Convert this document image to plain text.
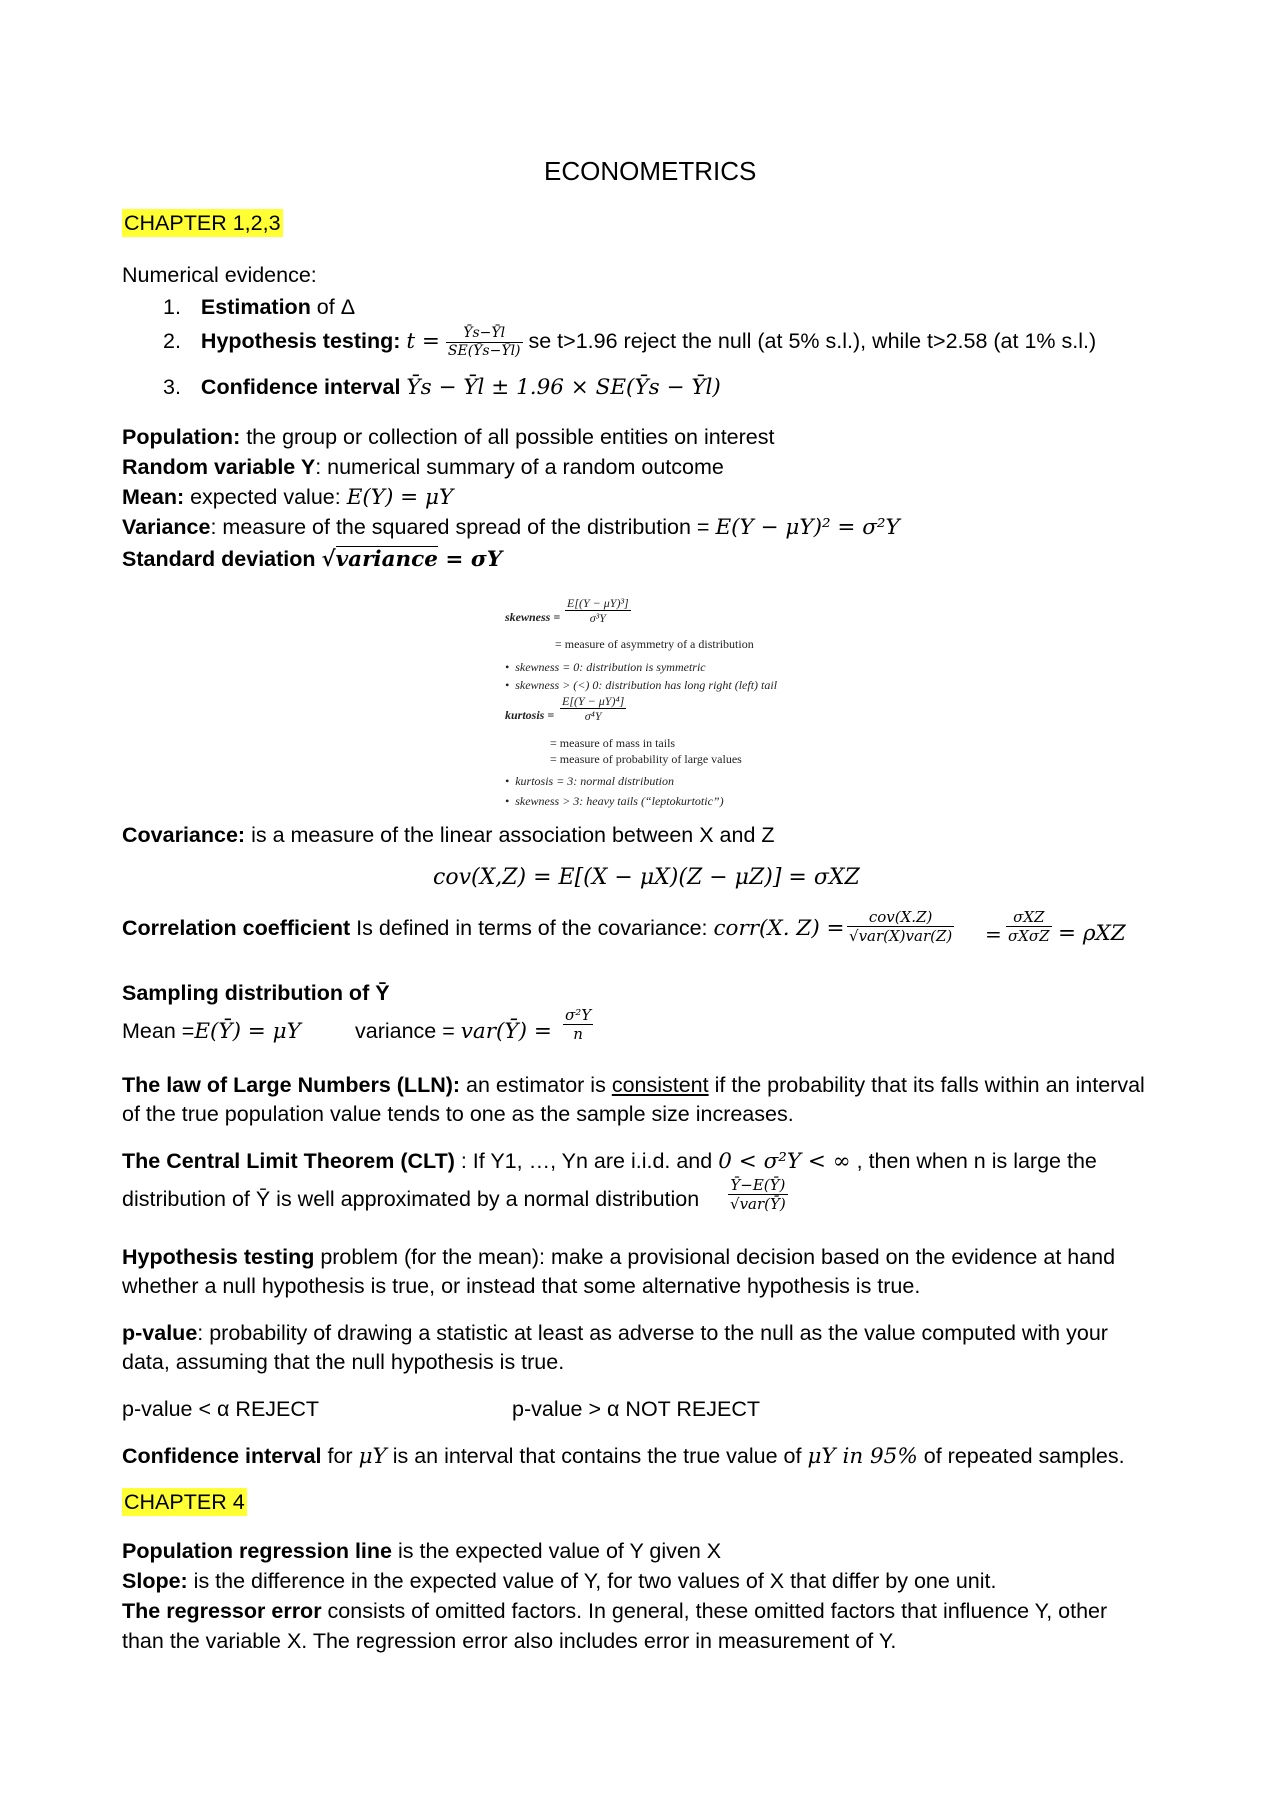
ECONOMETRICS
CHAPTER 1,2,3
Numerical evidence:
1. Estimation of Δ
2. Hypothesis testing: $t = \frac{Ȳs-Ȳl}{SE(Ȳs-Ȳl)}$ se t>1.96 reject the null (at 5% s.l.), while t>2.58 (at 1% s.l.)
3. Confidence interval Ȳs − Ȳl ± 1.96 × SE(Ȳs − Ȳl)
Population: the group or collection of all possible entities on interest
Random variable Y: numerical summary of a random outcome
Mean: expected value: E(Y) = μY
Variance: measure of the squared spread of the distribution = E(Y − μY)² = σ²Y
Standard deviation √variance = σY
skewness = $\frac{\text{E[(Y − μY)³]}}{\text{σ³Y}}$
= measure of asymmetry of a distribution
• skewness = 0: distribution is symmetric
• skewness > (<) 0: distribution has long right (left) tail
kurtosis = $\frac{\text{E[(Y − μY)⁴]}}{\text{σ⁴Y}}$
= measure of mass in tails
= measure of probability of large values
• kurtosis = 3: normal distribution
• skewness > 3: heavy tails (“leptokurtotic”)
Covariance: is a measure of the linear association between X and Z
cov(X,Z) = E[(X − μX)(Z − μZ)] = σXZ
Correlation coefficient Is defined in terms of the covariance: corr(X. $Z) = \frac{\text{cov(X.Z)}}{\text{√var(X)var(Z)}} = \frac{\text{σXZ}}{\text{σXσZ}} = \rho XZ$
Sampling distribution of Ȳ
Mean =E(Ȳ) = μY	variance = var(Ȳ) = $\frac{\text{σ²Y}}{n}$
The law of Large Numbers (LLN): an estimator is consistent if the probability that its falls within an interval
of the true population value tends to one as the sample size increases.
The Central Limit Theorem (CLT) : If Y1, …, Yn are i.i.d. and 0 < σ²Y < ∞ , then when n is large the
distribution of Ȳ is well approximated by a normal distribution $\frac{Ȳ-E(Ȳ)}{\text{√var(Ȳ)}}$
Hypothesis testing problem (for the mean): make a provisional decision based on the evidence at hand
whether a null hypothesis is true, or instead that some alternative hypothesis is true.
p-value: probability of drawing a statistic at least as adverse to the null as the value computed with your
data, assuming that the null hypothesis is true.
p-value < α REJECT	p-value > α NOT REJECT
Confidence interval for μY is an interval that contains the true value of μY in 95% of repeated samples.
CHAPTER 4
Population regression line is the expected value of Y given X
Slope: is the difference in the expected value of Y, for two values of X that differ by one unit.
The regressor error consists of omitted factors. In general, these omitted factors that influence Y, other
than the variable X. The regression error also includes error in measurement of Y.
